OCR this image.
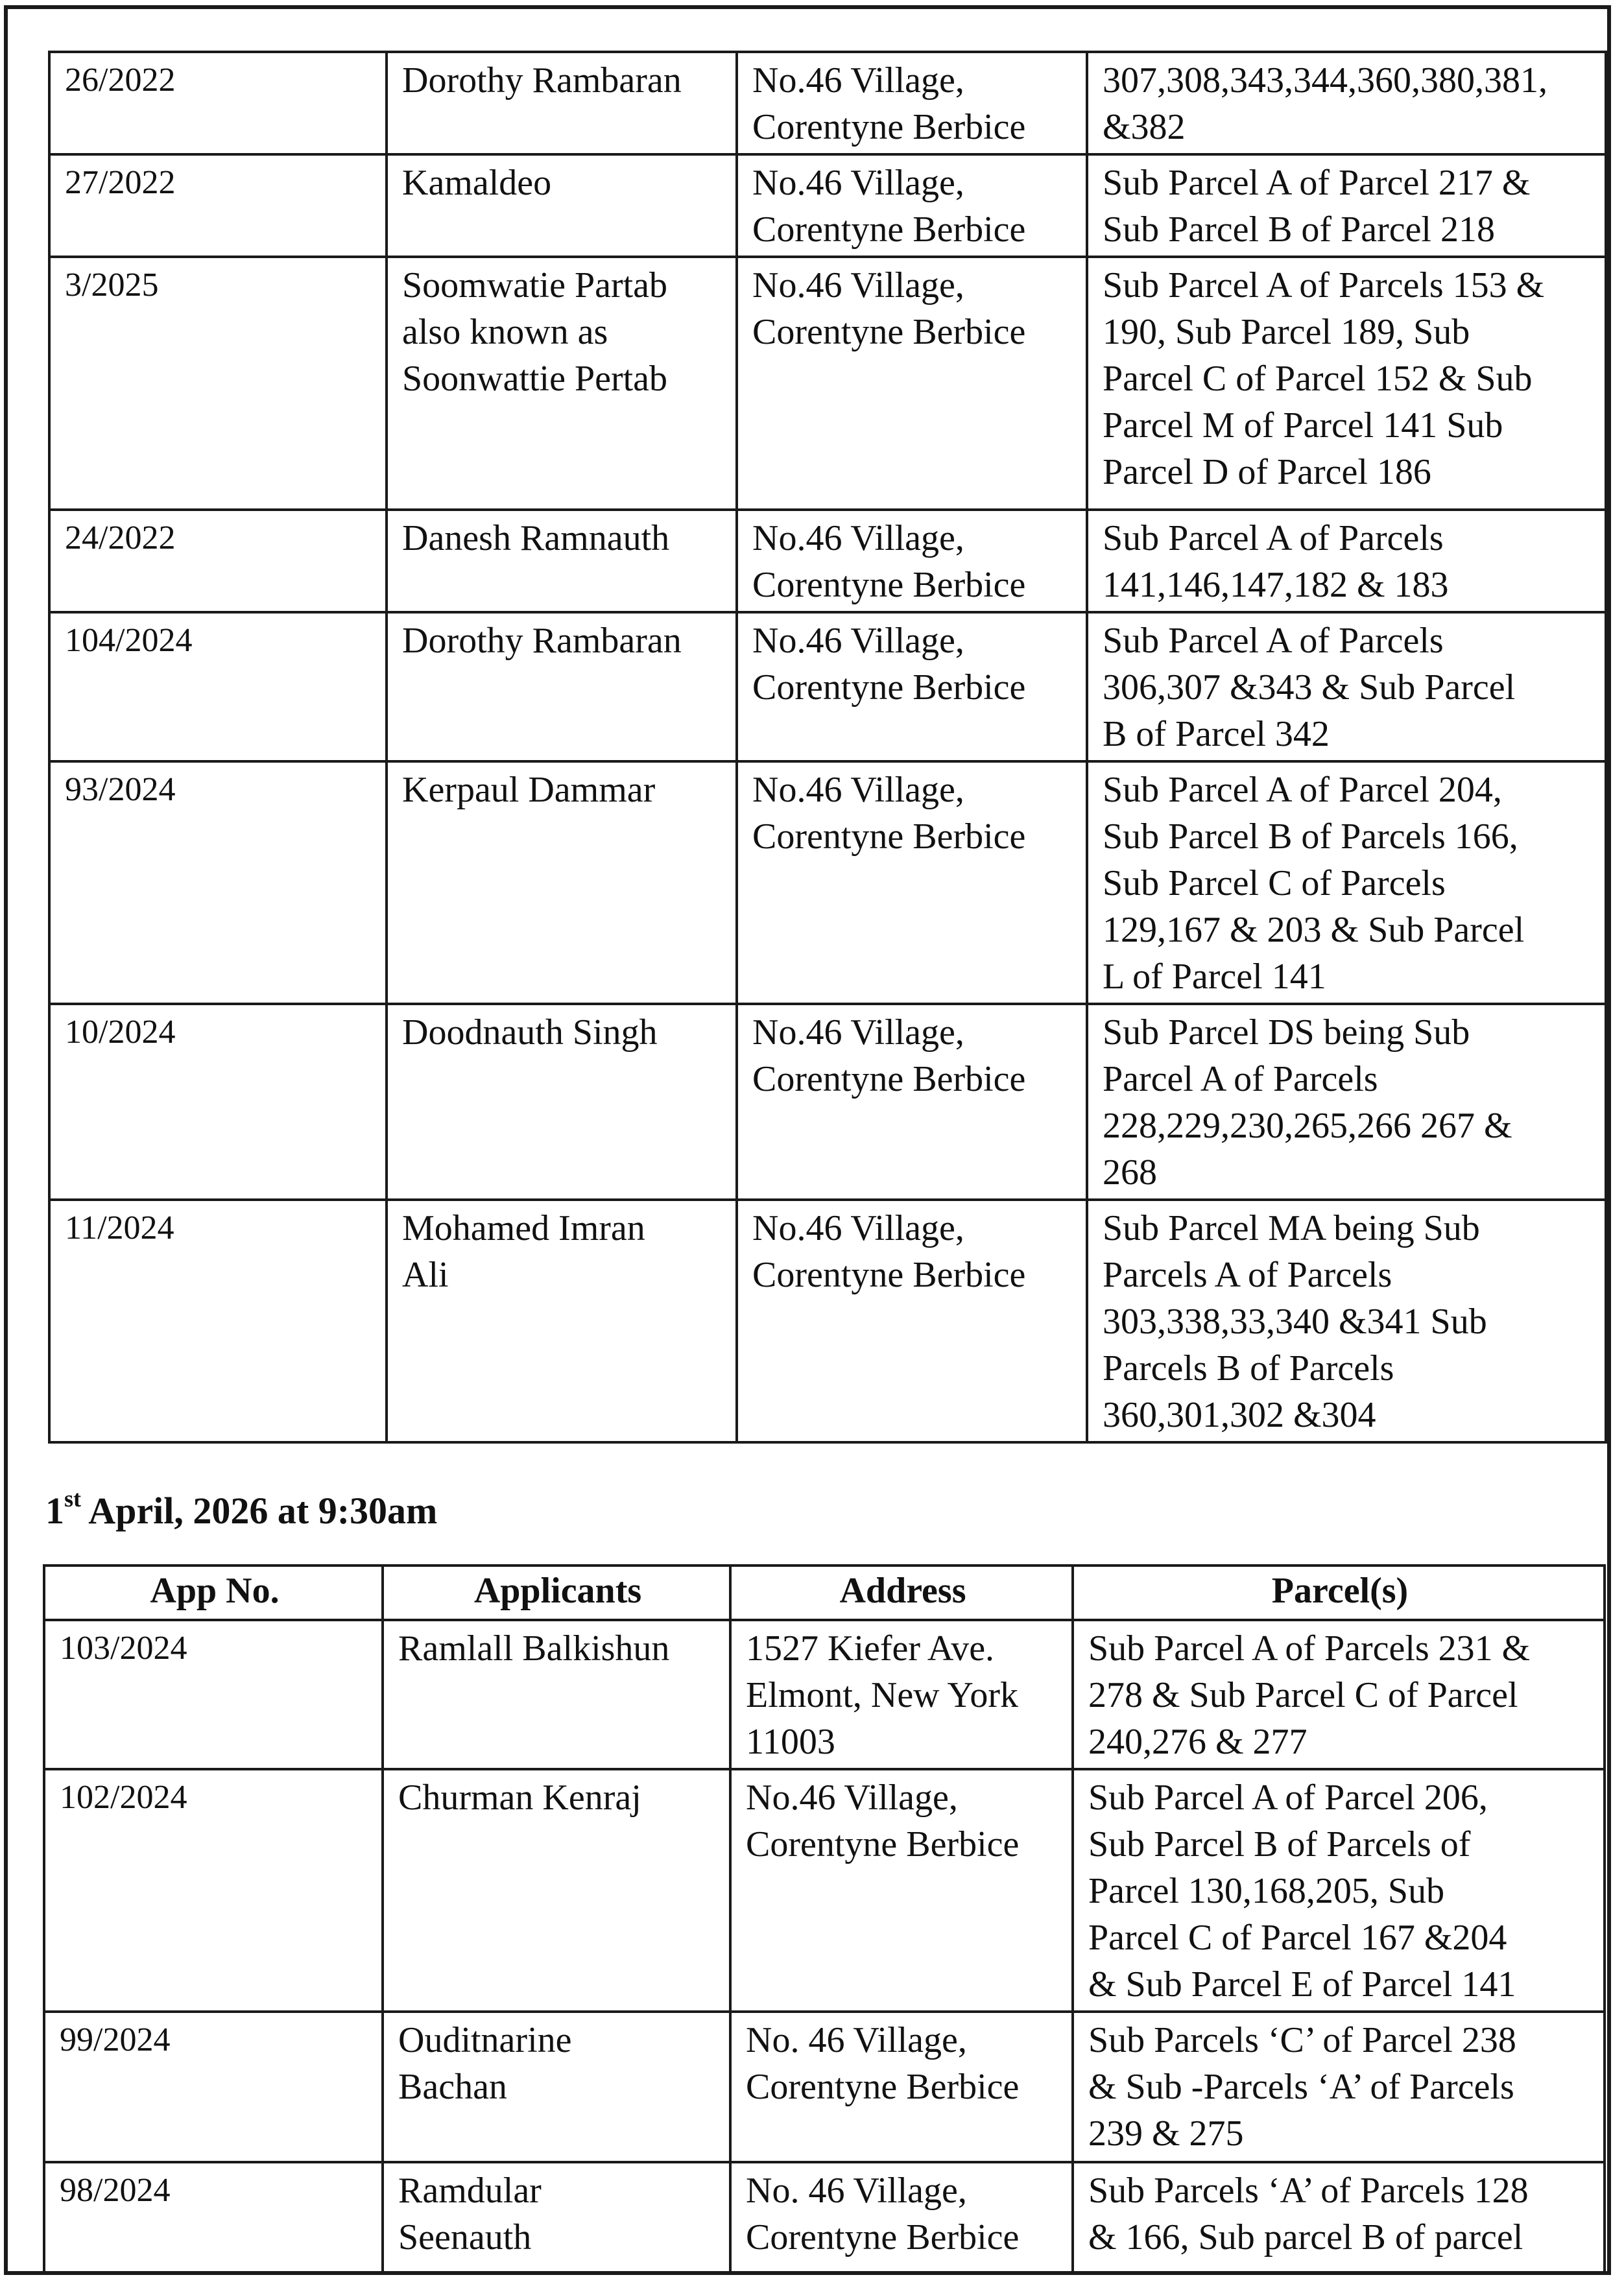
26/2022	Dorothy Rambaran	No.46 Village,
Corentyne Berbice	307,308,343,344,360,380,381,
&382
27/2022	Kamaldeo	No.46 Village,
Corentyne Berbice	Sub Parcel A of Parcel 217 &
Sub Parcel B of Parcel 218
3/2025	Soomwatie Partab
also known as
Soonwattie Pertab	No.46 Village,
Corentyne Berbice	Sub Parcel A of Parcels 153 &
190, Sub Parcel 189, Sub
Parcel C of Parcel 152 & Sub
Parcel M of Parcel 141 Sub
Parcel D of Parcel 186
24/2022	Danesh Ramnauth	No.46 Village,
Corentyne Berbice	Sub Parcel A of Parcels
141,146,147,182 & 183
104/2024	Dorothy Rambaran	No.46 Village,
Corentyne Berbice	Sub Parcel A of Parcels
306,307 &343 & Sub Parcel
B of Parcel 342
93/2024	Kerpaul Dammar	No.46 Village,
Corentyne Berbice	Sub Parcel A of Parcel 204,
Sub Parcel B of Parcels 166,
Sub Parcel C of Parcels
129,167 & 203 & Sub Parcel
L of Parcel 141
10/2024	Doodnauth Singh	No.46 Village,
Corentyne Berbice	Sub Parcel DS being Sub
Parcel A of Parcels
228,229,230,265,266 267 &
268
11/2024	Mohamed Imran
Ali	No.46 Village,
Corentyne Berbice	Sub Parcel MA being Sub
Parcels A of Parcels
303,338,33,340 &341 Sub
Parcels B of Parcels
360,301,302 &304
1st April, 2026 at 9:30am
App No.	Applicants	Address	Parcel(s)
103/2024	Ramlall Balkishun	1527 Kiefer Ave.
Elmont, New York
11003	Sub Parcel A of Parcels 231 &
278 & Sub Parcel C of Parcel
240,276 & 277
102/2024	Churman Kenraj	No.46 Village,
Corentyne Berbice	Sub Parcel A of Parcel 206,
Sub Parcel B of Parcels of
Parcel 130,168,205, Sub
Parcel C of Parcel 167 &204
& Sub Parcel E of Parcel 141
99/2024	Ouditnarine
Bachan	No. 46 Village,
Corentyne Berbice	Sub Parcels ‘C’ of Parcel 238
& Sub -Parcels ‘A’ of Parcels
239 & 275
98/2024	Ramdular
Seenauth	No. 46 Village,
Corentyne Berbice	Sub Parcels ‘A’ of Parcels 128
& 166, Sub parcel B of parcel
